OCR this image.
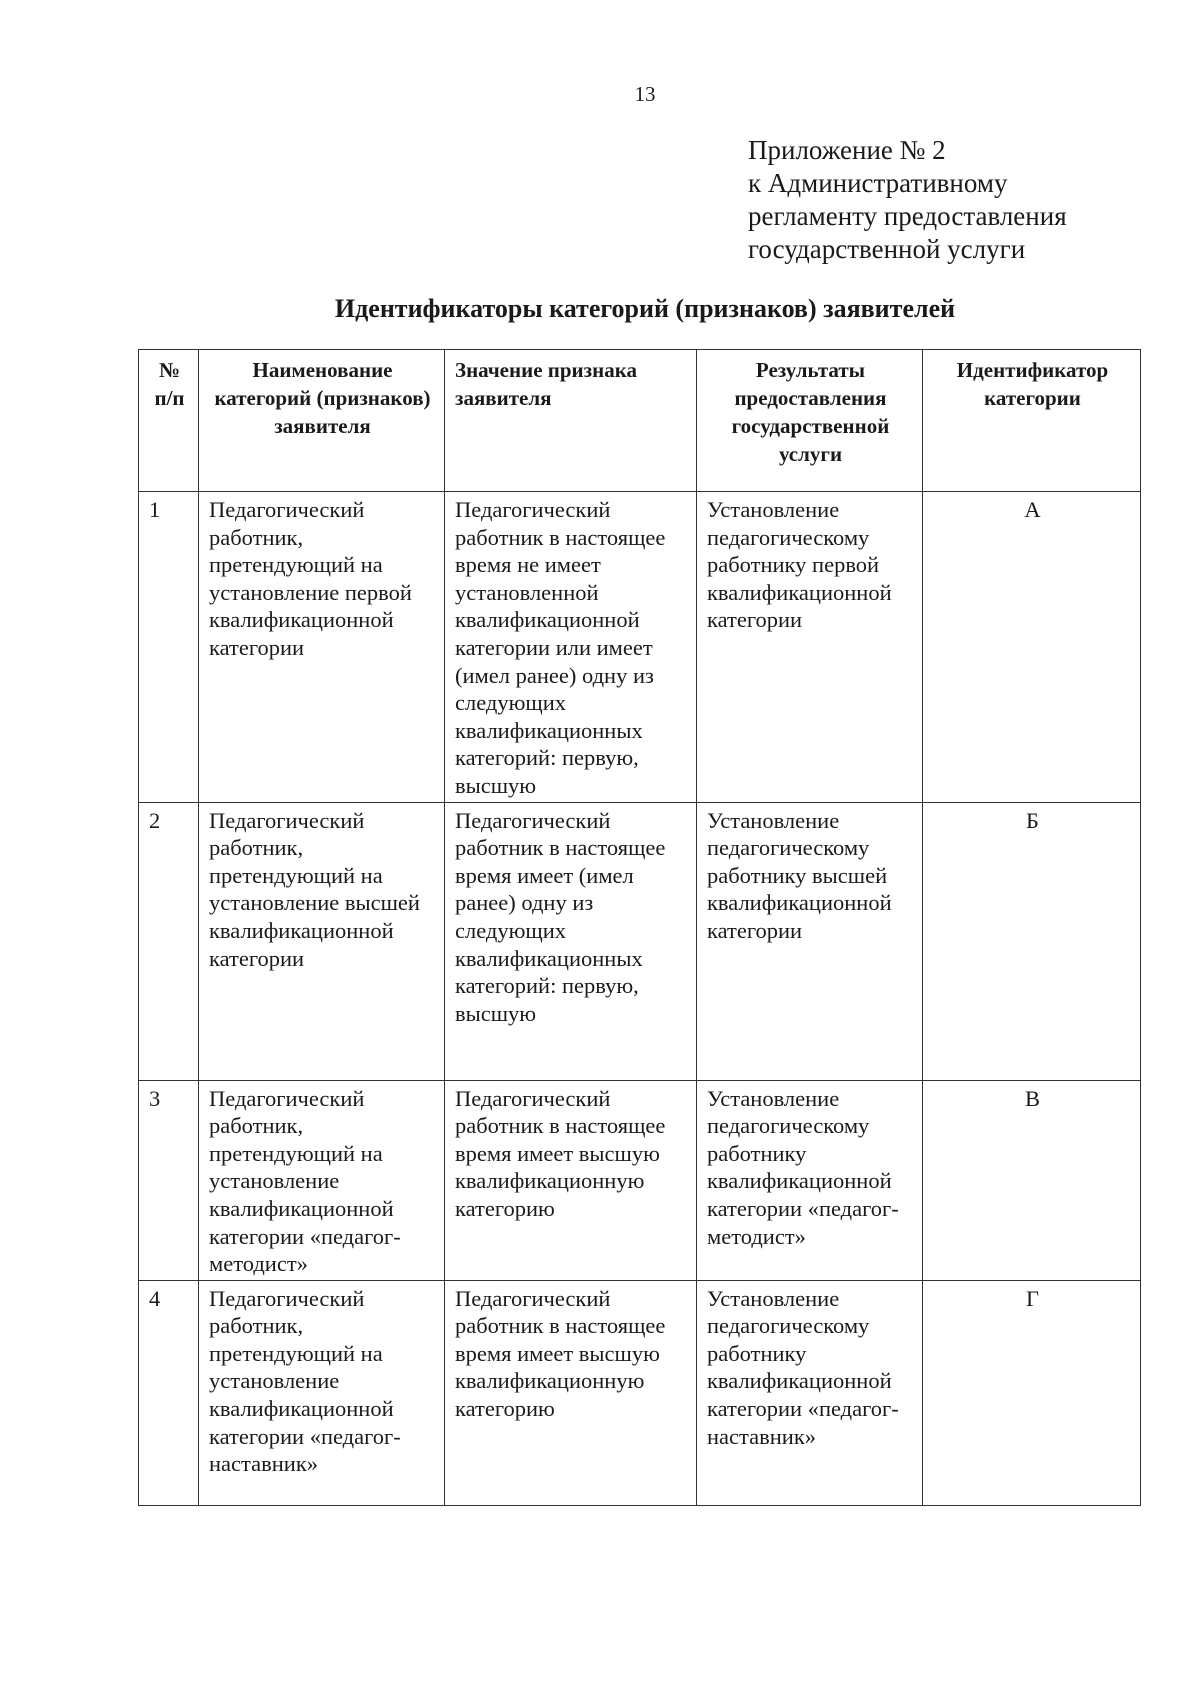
13
Приложение № 2
к Административному
регламенту предоставления
государственной услуги
Идентификаторы категорий (признаков) заявителей
№ п/п	Наименование категорий (признаков) заявителя	Значение признака заявителя	Результаты предоставления государственной услуги	Идентификатор категории
1	Педагогический работник, претендующий на установление первой квалификационной категории	Педагогический работник в настоящее время не имеет установленной квалификационной категории или имеет (имел ранее) одну из следующих квалификационных категорий: первую, высшую	Установление педагогическому работнику первой квалификационной категории	А
2	Педагогический работник, претендующий на установление высшей квалификационной категории	Педагогический работник в настоящее время имеет (имел ранее) одну из следующих квалификационных категорий: первую, высшую	Установление педагогическому работнику высшей квалификационной категории	Б
3	Педагогический работник, претендующий на установление квалификационной категории «педагог-методист»	Педагогический работник в настоящее время имеет высшую квалификационную категорию	Установление педагогическому работнику квалификационной категории «педагог-методист»	В
4	Педагогический работник, претендующий на установление квалификационной категории «педагог-наставник»	Педагогический работник в настоящее время имеет высшую квалификационную категорию	Установление педагогическому работнику квалификационной категории «педагог-наставник»	Г
